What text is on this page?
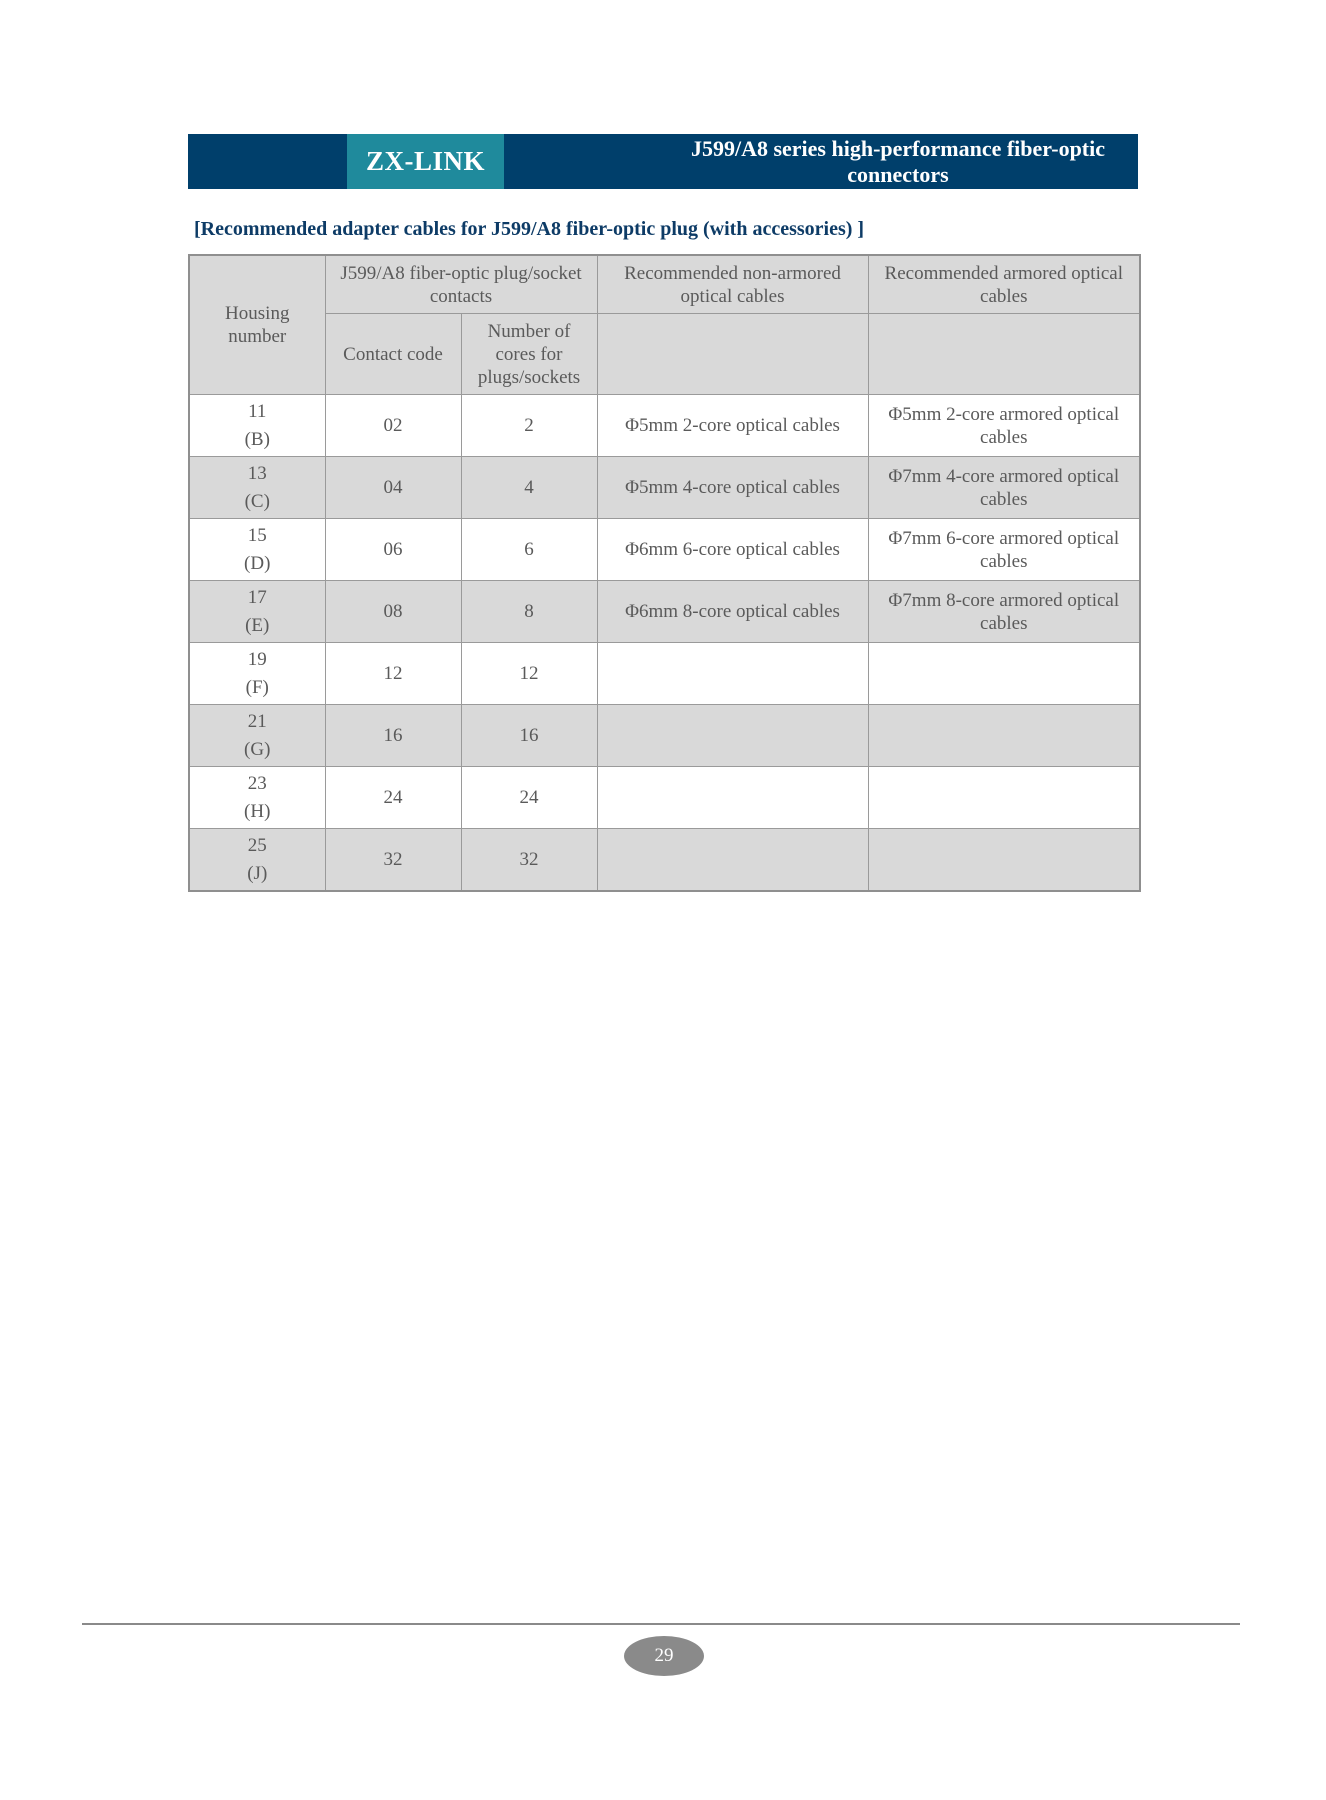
ZX-LINK	J599/A8 series high-performance fiber-optic connectors
[Recommended adapter cables for J599/A8 fiber-optic plug (with accessories) ]
Housing number	J599/A8 fiber-optic plug/socket contacts		Recommended non-armored optical cables	Recommended armored optical cables
	Contact code	Number of cores for plugs/sockets		

11
(B)	02	2	Φ5mm 2-core optical cables	Φ5mm 2-core armored optical cables

13
(C)	04	4	Φ5mm 4-core optical cables	Φ7mm 4-core armored optical cables

15
(D)	06	6	Φ6mm 6-core optical cables	Φ7mm 6-core armored optical cables

17
(E)	08	8	Φ6mm 8-core optical cables	Φ7mm 8-core armored optical cables

19
(F)	12	12		

21
(G)	16	16		

23
(H)	24	24		

25
(J)	32	32		
29
